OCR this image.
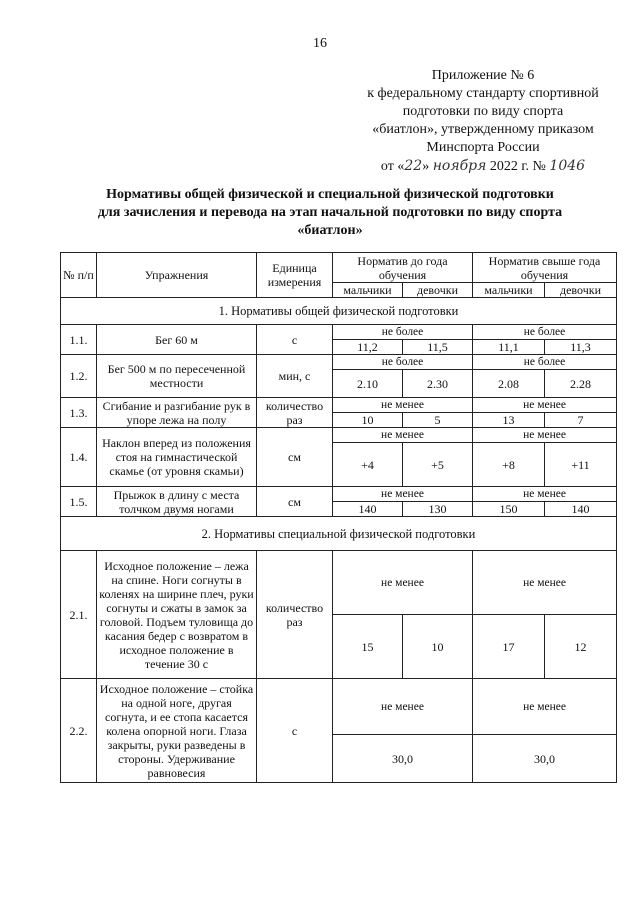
16
Приложение № 6
к федеральному стандарту спортивной
подготовки по виду спорта
«биатлон», утвержденному приказом
Минспорта России
от «22» ноября 2022 г. № 1046
Нормативы общей физической и специальной физической подготовки
для зачисления и перевода на этап начальной подготовки по виду спорта
«биатлон»
№ п/п	Упражнения	Единица измерения	Норматив до года обучения		Норматив свыше года обучения	
			мальчики	девочки	мальчики	девочки
1. Нормативы общей физической подготовки						
1.1.	Бег 60 м	с	не более		не более	
			11,2	11,5	11,1	11,3
1.2.	Бег 500 м по пересеченной местности	мин, с	не более		не более	
			2.10	2.30	2.08	2.28
1.3.	Сгибание и разгибание рук в упоре лежа на полу	количество раз	не менее		не менее	
			10	5	13	7
1.4.	Наклон вперед из положения стоя на гимнастической скамье (от уровня скамьи)	см	не менее		не менее	
			+4	+5	+8	+11
1.5.	Прыжок в длину с места толчком двумя ногами	см	не менее		не менее	
			140	130	150	140
2. Нормативы специальной физической подготовки						
2.1.	Исходное положение – лежа на спине. Ноги согнуты в коленях на ширине плеч, руки согнуты и сжаты в замок за головой. Подъем туловища до касания бедер с возвратом в исходное положение в течение 30 с	количество раз	не менее		не менее	
			15	10	17	12
2.2.	Исходное положение – стойка на одной ноге, другая согнута, и ее стопа касается колена опорной ноги. Глаза закрыты, руки разведены в стороны. Удерживание равновесия	с	не менее		не менее	
			30,0		30,0	
